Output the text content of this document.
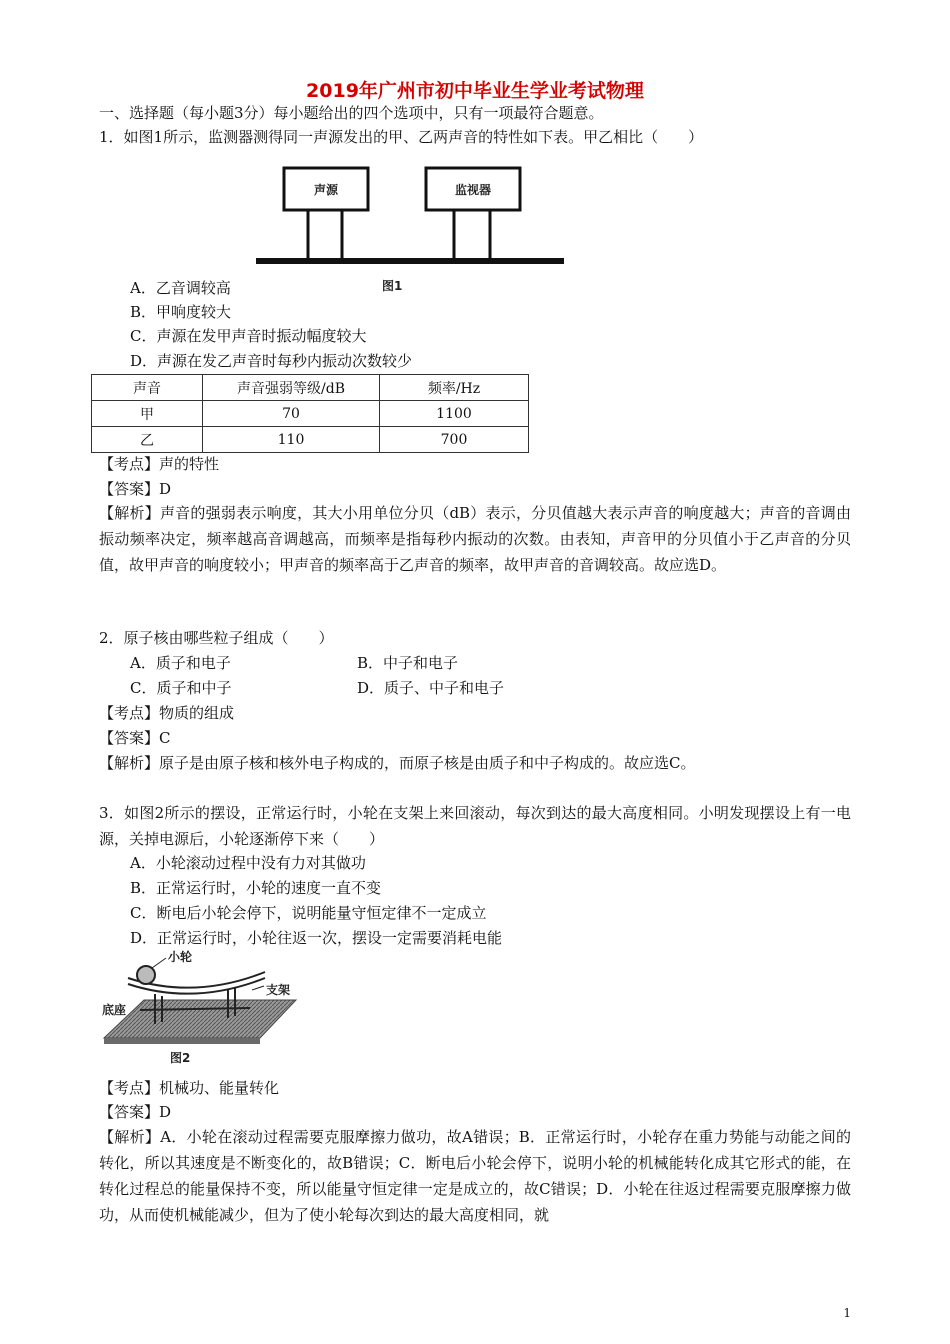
2019年广州市初中毕业生学业考试物理
一、选择题（每小题3分）每小题给出的四个选项中，只有一项最符合题意。
1．如图1所示，监测器测得同一声源发出的甲、乙两声音的特性如下表。甲乙相比（　　）
声源	监视器
图1
A．乙音调较高
B．甲响度较大
C．声源在发甲声音时振动幅度较大
D．声源在发乙声音时每秒内振动次数较少
声音	声音强弱等级/dB	频率/Hz
甲	70	1100
乙	110	700
【考点】声的特性
【答案】D
【解析】声音的强弱表示响度，其大小用单位分贝（dB）表示，分贝值越大表示声音的响度越大；声音的音调由振动频率决定，频率越高音调越高，而频率是指每秒内振动的次数。由表知，声音甲的分贝值小于乙声音的分贝值，故甲声音的响度较小；甲声音的频率高于乙声音的频率，故甲声音的音调较高。故应选D。
2．原子核由哪些粒子组成（　　）
A．质子和电子	B．中子和电子
C．质子和中子	D．质子、中子和电子
【考点】物质的组成
【答案】C
【解析】原子是由原子核和核外电子构成的，而原子核是由质子和中子构成的。故应选C。
3．如图2所示的摆设，正常运行时，小轮在支架上来回滚动，每次到达的最大高度相同。小明发现摆设上有一电源，关掉电源后，小轮逐渐停下来（　　）
A．小轮滚动过程中没有力对其做功
B．正常运行时，小轮的速度一直不变
C．断电后小轮会停下，说明能量守恒定律不一定成立
D．正常运行时，小轮往返一次，摆设一定需要消耗电能
小轮
支架
底座
图2
【考点】机械功、能量转化
【答案】D
【解析】A．小轮在滚动过程需要克服摩擦力做功，故A错误；B．正常运行时，小轮存在重力势能与动能之间的转化，所以其速度是不断变化的，故B错误；C．断电后小轮会停下，说明小轮的机械能转化成其它形式的能，在转化过程总的能量保持不变，所以能量守恒定律一定是成立的，故C错误；D．小轮在往返过程需要克服摩擦力做功，从而使机械能减少，但为了使小轮每次到达的最大高度相同，就
1
